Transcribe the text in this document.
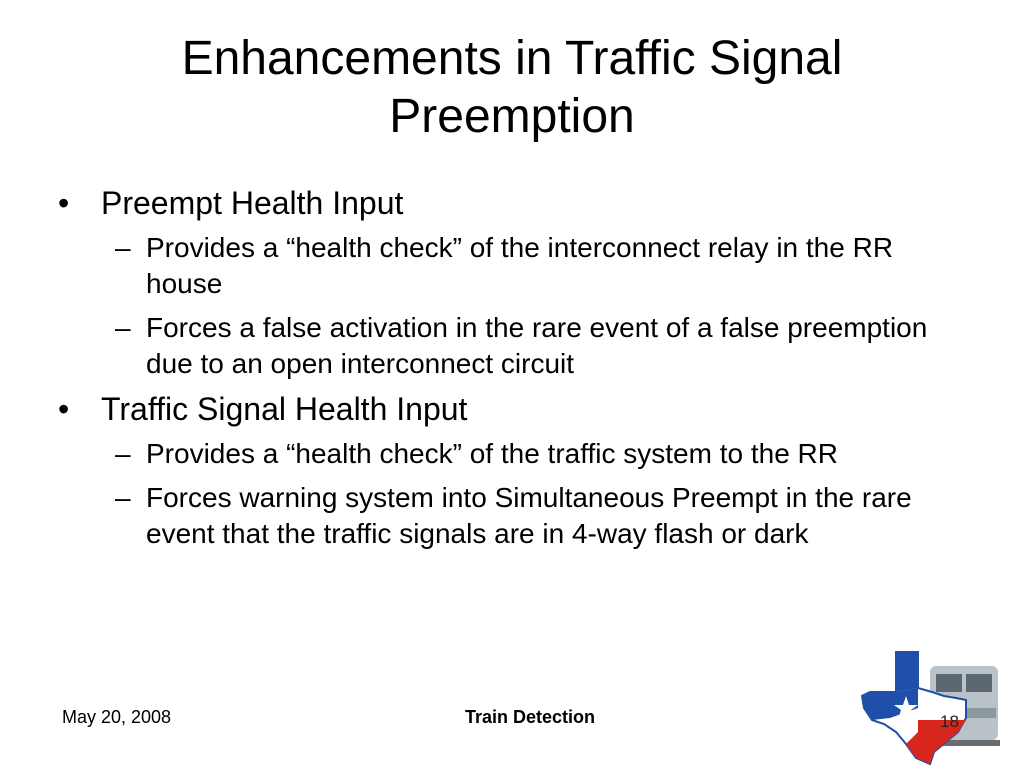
Enhancements in Traffic Signal
Preemption
• Preempt Health Input
– Provides a “health check” of the interconnect relay in the RR house
– Forces a false activation in the rare event of a false preemption due to an open interconnect circuit
• Traffic Signal Health Input
– Provides a “health check” of the traffic system to the RR
– Forces warning system into Simultaneous Preempt in the rare event that the traffic signals are in 4-way flash or dark
May 20, 2008	Train Detection	18
